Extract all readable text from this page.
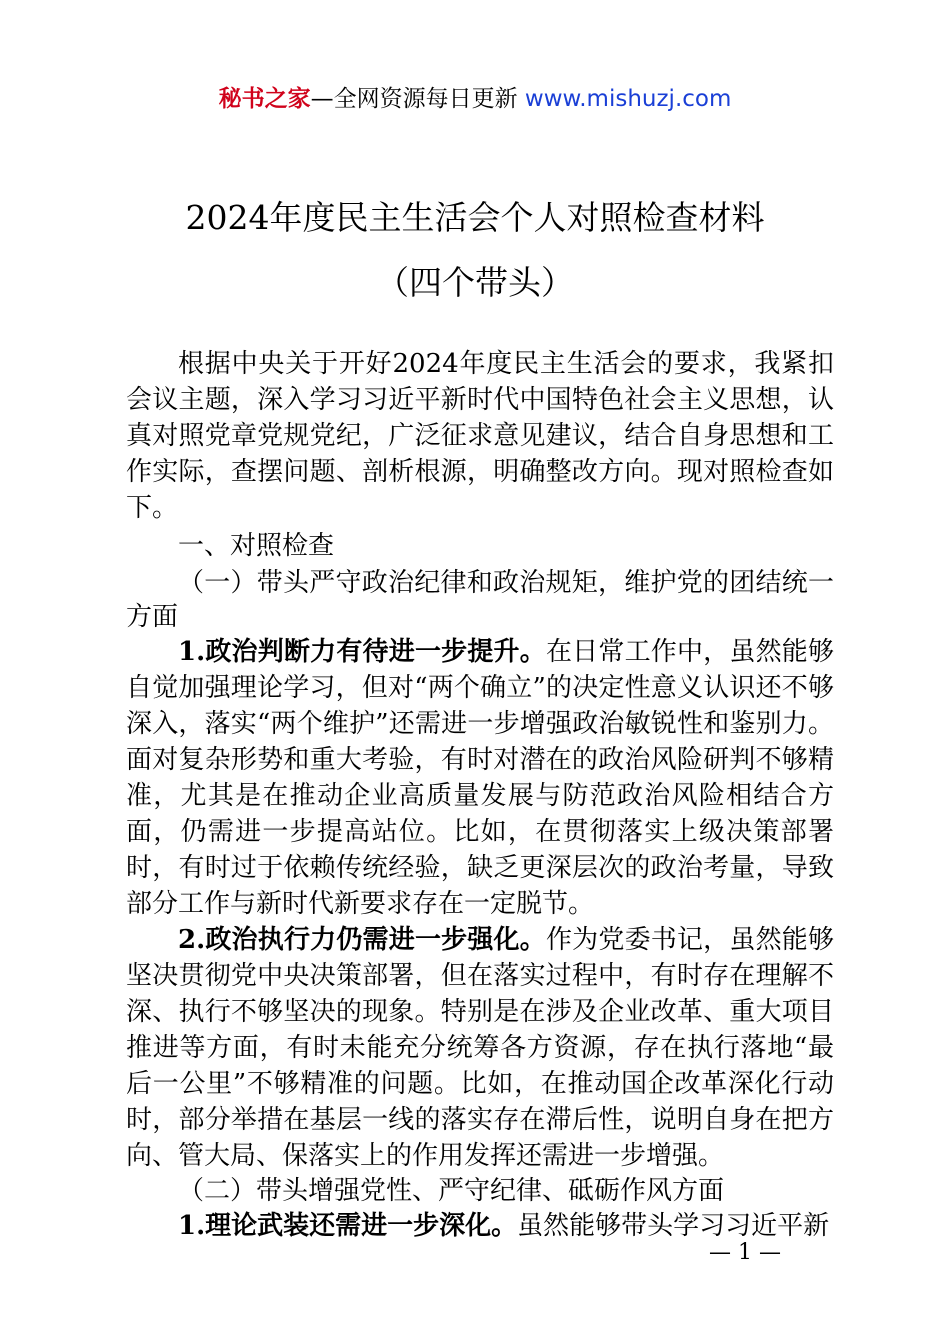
秘书之家—全网资源每日更新 www.mishuzj.com
2024年度民主生活会个人对照检查材料
（四个带头）

根据中央关于开好2024年度民主生活会的要求，我紧扣会议主题，深入学习习近平新时代中国特色社会主义思想，认真对照党章党规党纪，广泛征求意见建议，结合自身思想和工作实际，查摆问题、剖析根源，明确整改方向。现对照检查如下。

一、对照检查

（一）带头严守政治纪律和政治规矩，维护党的团结统一方面

1.政治判断力有待进一步提升。在日常工作中，虽然能够自觉加强理论学习，但对“两个确立”的决定性意义认识还不够深入，落实“两个维护”还需进一步增强政治敏锐性和鉴别力。面对复杂形势和重大考验，有时对潜在的政治风险研判不够精准，尤其是在推动企业高质量发展与防范政治风险相结合方面，仍需进一步提高站位。比如，在贯彻落实上级决策部署时，有时过于依赖传统经验，缺乏更深层次的政治考量，导致部分工作与新时代新要求存在一定脱节。

2.政治执行力仍需进一步强化。作为党委书记，虽然能够坚决贯彻党中央决策部署，但在落实过程中，有时存在理解不深、执行不够坚决的现象。特别是在涉及企业改革、重大项目推进等方面，有时未能充分统筹各方资源，存在执行落地“最后一公里”不够精准的问题。比如，在推动国企改革深化行动时，部分举措在基层一线的落实存在滞后性，说明自身在把方向、管大局、保落实上的作用发挥还需进一步增强。

（二）带头增强党性、严守纪律、砥砺作风方面

1.理论武装还需进一步深化。虽然能够带头学习习近平新

— 1 —
